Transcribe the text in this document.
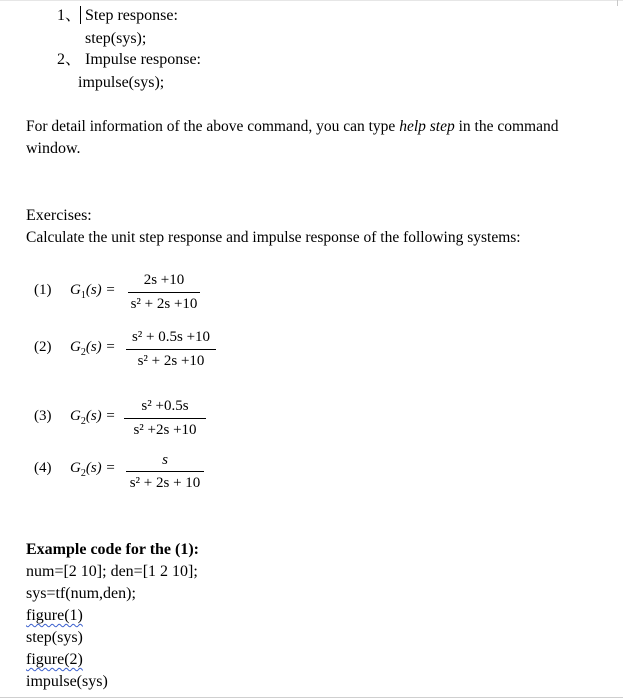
1、 Step response:
step(sys);
2、 Impulse response:
impulse(sys);
For detail information of the above command, you can type help step in the command
window.
Exercises:
Calculate the unit step response and impulse response of the following systems:
(1) $G_1(s)$ =
2s +10
s² + 2s +10
(2) $G_2(s)$ =
s² + 0.5s +10
s² + 2s +10
(3) $G_2(s)$ =
s² +0.5s
s² +2s +10
(4) $G_2(s)$ =	s
s² + 2s + 10
Example code for the (1):
num=[2 10]; den=[1 2 10];
sys=tf(num,den);
figure(1)
step(sys)
figure(2)
impulse(sys)
